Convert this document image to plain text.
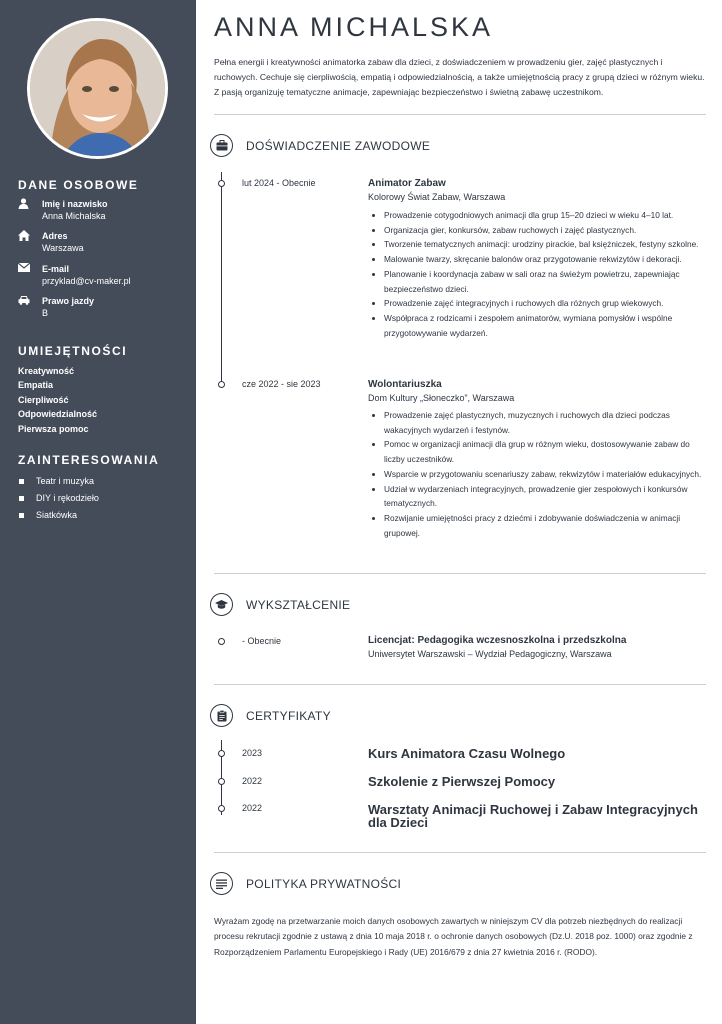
DANE OSOBOWE
Imię i nazwisko
Anna Michalska
Adres
Warszawa
E-mail
przyklad@cv-maker.pl
Prawo jazdy
B
UMIEJĘTNOŚCI
Kreatywność
Empatia
Cierpliwość
Odpowiedzialność
Pierwsza pomoc
ZAINTERESOWANIA
Teatr i muzyka
DIY i rękodzieło
Siatkówka
ANNA MICHALSKA
Pełna energii i kreatywności animatorka zabaw dla dzieci, z doświadczeniem w prowadzeniu gier, zajęć plastycznych i ruchowych. Cechuje się cierpliwością, empatią i odpowiedzialnością, a także umiejętnością pracy z grupą dzieci w różnym wieku. Z pasją organizuję tematyczne animacje, zapewniając bezpieczeństwo i świetną zabawę uczestnikom.
DOŚWIADCZENIE ZAWODOWE
lut 2024 - Obecnie	Animator Zabaw
Kolorowy Świat Zabaw, Warszawa
Prowadzenie cotygodniowych animacji dla grup 15–20 dzieci w wieku 4–10 lat.
Organizacja gier, konkursów, zabaw ruchowych i zajęć plastycznych.
Tworzenie tematycznych animacji: urodziny pirackie, bal księżniczek, festyny szkolne.
Malowanie twarzy, skręcanie balonów oraz przygotowanie rekwizytów i dekoracji.
Planowanie i koordynacja zabaw w sali oraz na świeżym powietrzu, zapewniając bezpieczeństwo dzieci.
Prowadzenie zajęć integracyjnych i ruchowych dla różnych grup wiekowych.
Współpraca z rodzicami i zespołem animatorów, wymiana pomysłów i wspólne przygotowywanie wydarzeń.
cze 2022 - sie 2023	Wolontariuszka
Dom Kultury „Słoneczko”, Warszawa
Prowadzenie zajęć plastycznych, muzycznych i ruchowych dla dzieci podczas wakacyjnych wydarzeń i festynów.
Pomoc w organizacji animacji dla grup w różnym wieku, dostosowywanie zabaw do liczby uczestników.
Wsparcie w przygotowaniu scenariuszy zabaw, rekwizytów i materiałów edukacyjnych.
Udział w wydarzeniach integracyjnych, prowadzenie gier zespołowych i konkursów tematycznych.
Rozwijanie umiejętności pracy z dziećmi i zdobywanie doświadczenia w animacji grupowej.
WYKSZTAŁCENIE
- Obecnie	Licencjat: Pedagogika wczesnoszkolna i przedszkolna
Uniwersytet Warszawski – Wydział Pedagogiczny, Warszawa
CERTYFIKATY
2023	Kurs Animatora Czasu Wolnego
2022	Szkolenie z Pierwszej Pomocy
2022	Warsztaty Animacji Ruchowej i Zabaw Integracyjnych dla Dzieci
POLITYKA PRYWATNOŚCI
Wyrażam zgodę na przetwarzanie moich danych osobowych zawartych w niniejszym CV dla potrzeb niezbędnych do realizacji procesu rekrutacji zgodnie z ustawą z dnia 10 maja 2018 r. o ochronie danych osobowych (Dz.U. 2018 poz. 1000) oraz zgodnie z Rozporządzeniem Parlamentu Europejskiego i Rady (UE) 2016/679 z dnia 27 kwietnia 2016 r. (RODO).
